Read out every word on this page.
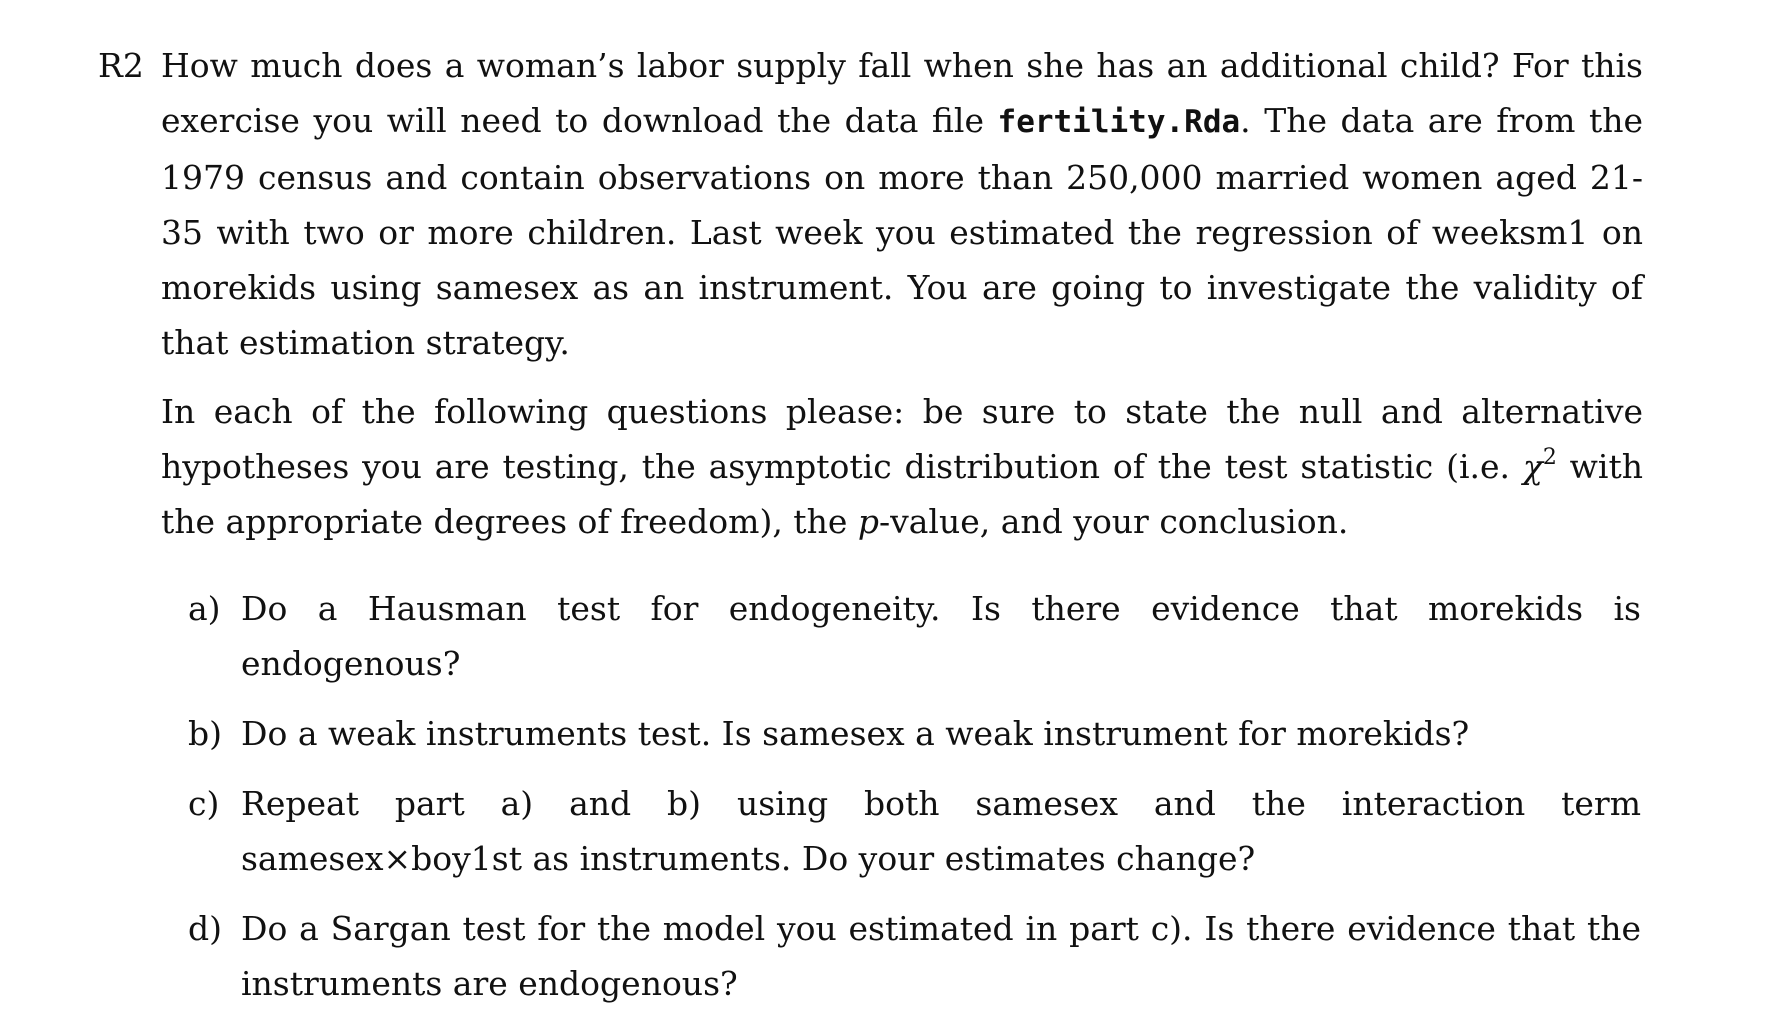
R2 How much does a woman’s labor supply fall when she has an additional child? For this exercise you will need to download the data file fertility.Rda. The data are from the 1979 census and contain observations on more than 250,000 married women aged 21-35 with two or more children. Last week you estimated the regression of weeksm1 on morekids using samesex as an instrument. You are going to investigate the validity of that estimation strategy.

In each of the following questions please: be sure to state the null and alternative hypotheses you are testing, the asymptotic distribution of the test statistic (i.e. $\chi^2$ with the appropriate degrees of freedom), the p-value, and your conclusion.

a) Do a Hausman test for endogeneity. Is there evidence that morekids is endogenous?
b) Do a weak instruments test. Is samesex a weak instrument for morekids?
c) Repeat part a) and b) using both samesex and the interaction term samesex×boy1st as instruments. Do your estimates change?
d) Do a Sargan test for the model you estimated in part c). Is there evidence that the instruments are endogenous?
